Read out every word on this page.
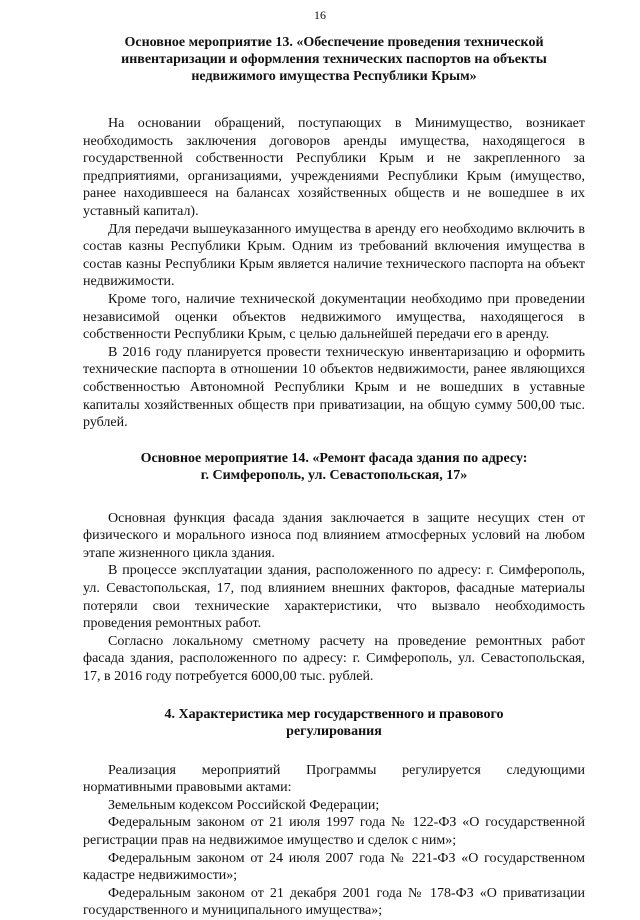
16
Основное мероприятие 13. «Обеспечение проведения технической
инвентаризации и оформления технических паспортов на объекты
недвижимого имущества Республики Крым»

На основании обращений, поступающих в Минимущество, возникает необходимость заключения договоров аренды имущества, находящегося в государственной собственности Республики Крым и не закрепленного за предприятиями, организациями, учреждениями Республики Крым (имущество, ранее находившееся на балансах хозяйственных обществ и не вошедшее в их уставный капитал).

Для передачи вышеуказанного имущества в аренду его необходимо включить в состав казны Республики Крым. Одним из требований включения имущества в состав казны Республики Крым является наличие технического паспорта на объект недвижимости.

Кроме того, наличие технической документации необходимо при проведении независимой оценки объектов недвижимого имущества, находящегося в собственности Республики Крым, с целью дальнейшей передачи его в аренду.

В 2016 году планируется провести техническую инвентаризацию и оформить технические паспорта в отношении 10 объектов недвижимости, ранее являющихся собственностью Автономной Республики Крым и не вошедших в уставные капиталы хозяйственных обществ при приватизации, на общую сумму 500,00 тыс. рублей.

Основное мероприятие 14. «Ремонт фасада здания по адресу:
г. Симферополь, ул. Севастопольская, 17»

Основная функция фасада здания заключается в защите несущих стен от физического и морального износа под влиянием атмосферных условий на любом этапе жизненного цикла здания.

В процессе эксплуатации здания, расположенного по адресу: г. Симферополь, ул. Севастопольская, 17, под влиянием внешних факторов, фасадные материалы потеряли свои технические характеристики, что вызвало необходимость проведения ремонтных работ.

Согласно локальному сметному расчету на проведение ремонтных работ фасада здания, расположенного по адресу: г. Симферополь, ул. Севастопольская, 17, в 2016 году потребуется 6000,00 тыс. рублей.

4. Характеристика мер государственного и правового
регулирования

Реализация мероприятий Программы регулируется следующими нормативными правовыми актами:

Земельным кодексом Российской Федерации;

Федеральным законом от 21 июля 1997 года № 122-ФЗ «О государственной регистрации прав на недвижимое имущество и сделок с ним»;

Федеральным законом от 24 июля 2007 года № 221-ФЗ «О государственном кадастре недвижимости»;

Федеральным законом от 21 декабря 2001 года № 178-ФЗ «О приватизации государственного и муниципального имущества»;
